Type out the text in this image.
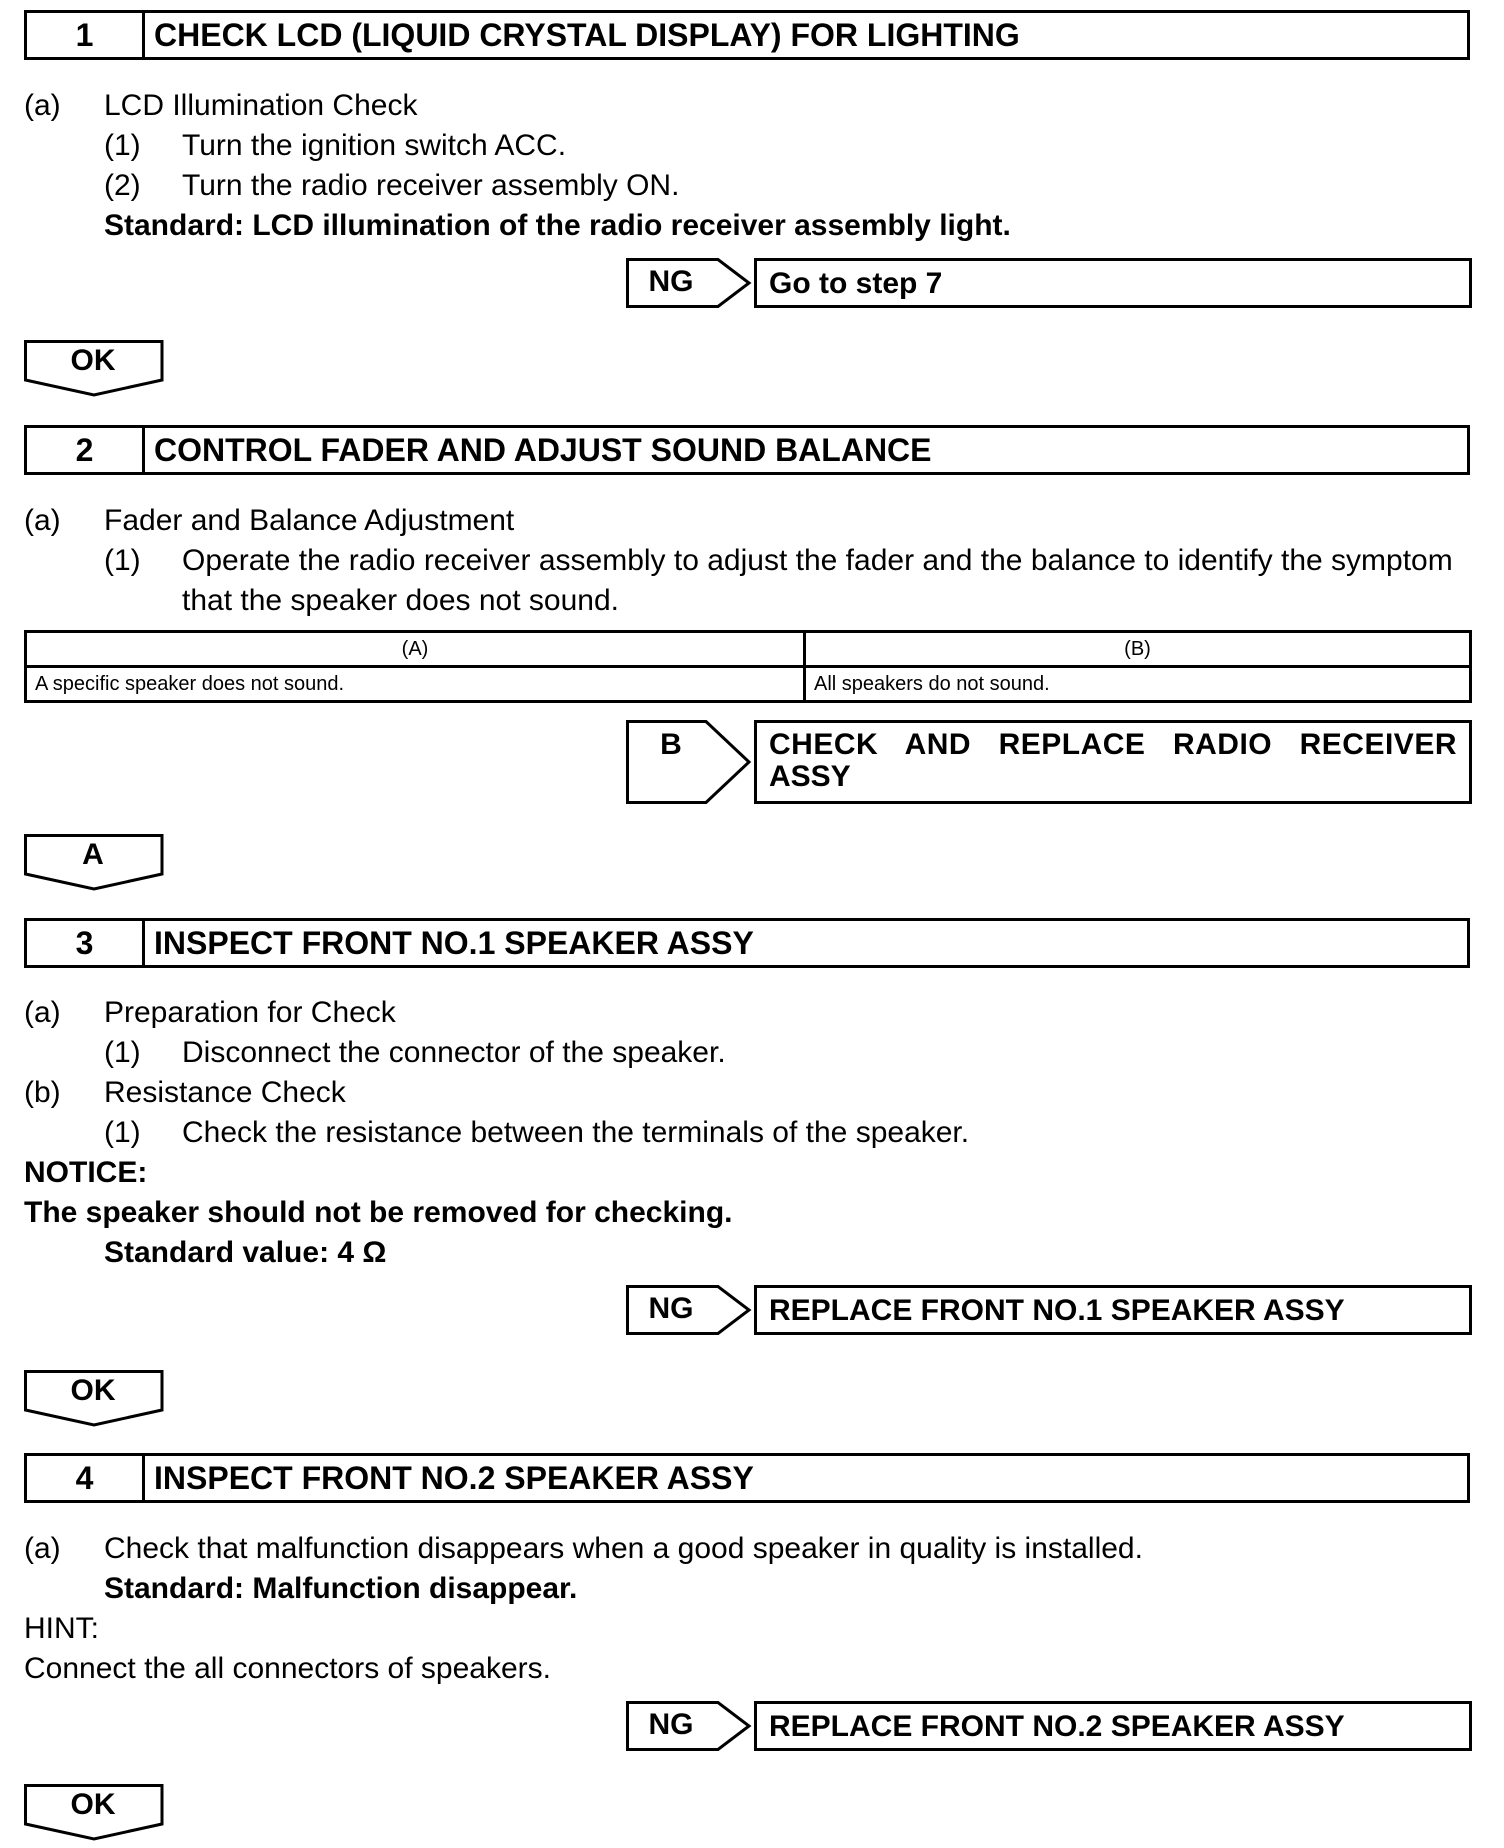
1	CHECK LCD (LIQUID CRYSTAL DISPLAY) FOR LIGHTING
(a) LCD Illumination Check
(1) Turn the ignition switch ACC.
(2) Turn the radio receiver assembly ON.
Standard: LCD illumination of the radio receiver assembly light.
NG	Go to step 7
OK
2	CONTROL FADER AND ADJUST SOUND BALANCE
(a) Fader and Balance Adjustment
(1) Operate the radio receiver assembly to adjust the fader and the balance to identify the symptom
that the speaker does not sound.
(A)	(B)
A specific speaker does not sound.	All speakers do not sound.
B	CHECK AND REPLACE RADIO RECEIVER
ASSY
A
3	INSPECT FRONT NO.1 SPEAKER ASSY
(a) Preparation for Check
(1) Disconnect the connector of the speaker.
(b) Resistance Check
(1) Check the resistance between the terminals of the speaker.
NOTICE:
The speaker should not be removed for checking.
Standard value: 4 Ω
NG	REPLACE FRONT NO.1 SPEAKER ASSY
OK
4	INSPECT FRONT NO.2 SPEAKER ASSY
(a) Check that malfunction disappears when a good speaker in quality is installed.
Standard: Malfunction disappear.
HINT:
Connect the all connectors of speakers.
NG	REPLACE FRONT NO.2 SPEAKER ASSY
OK
